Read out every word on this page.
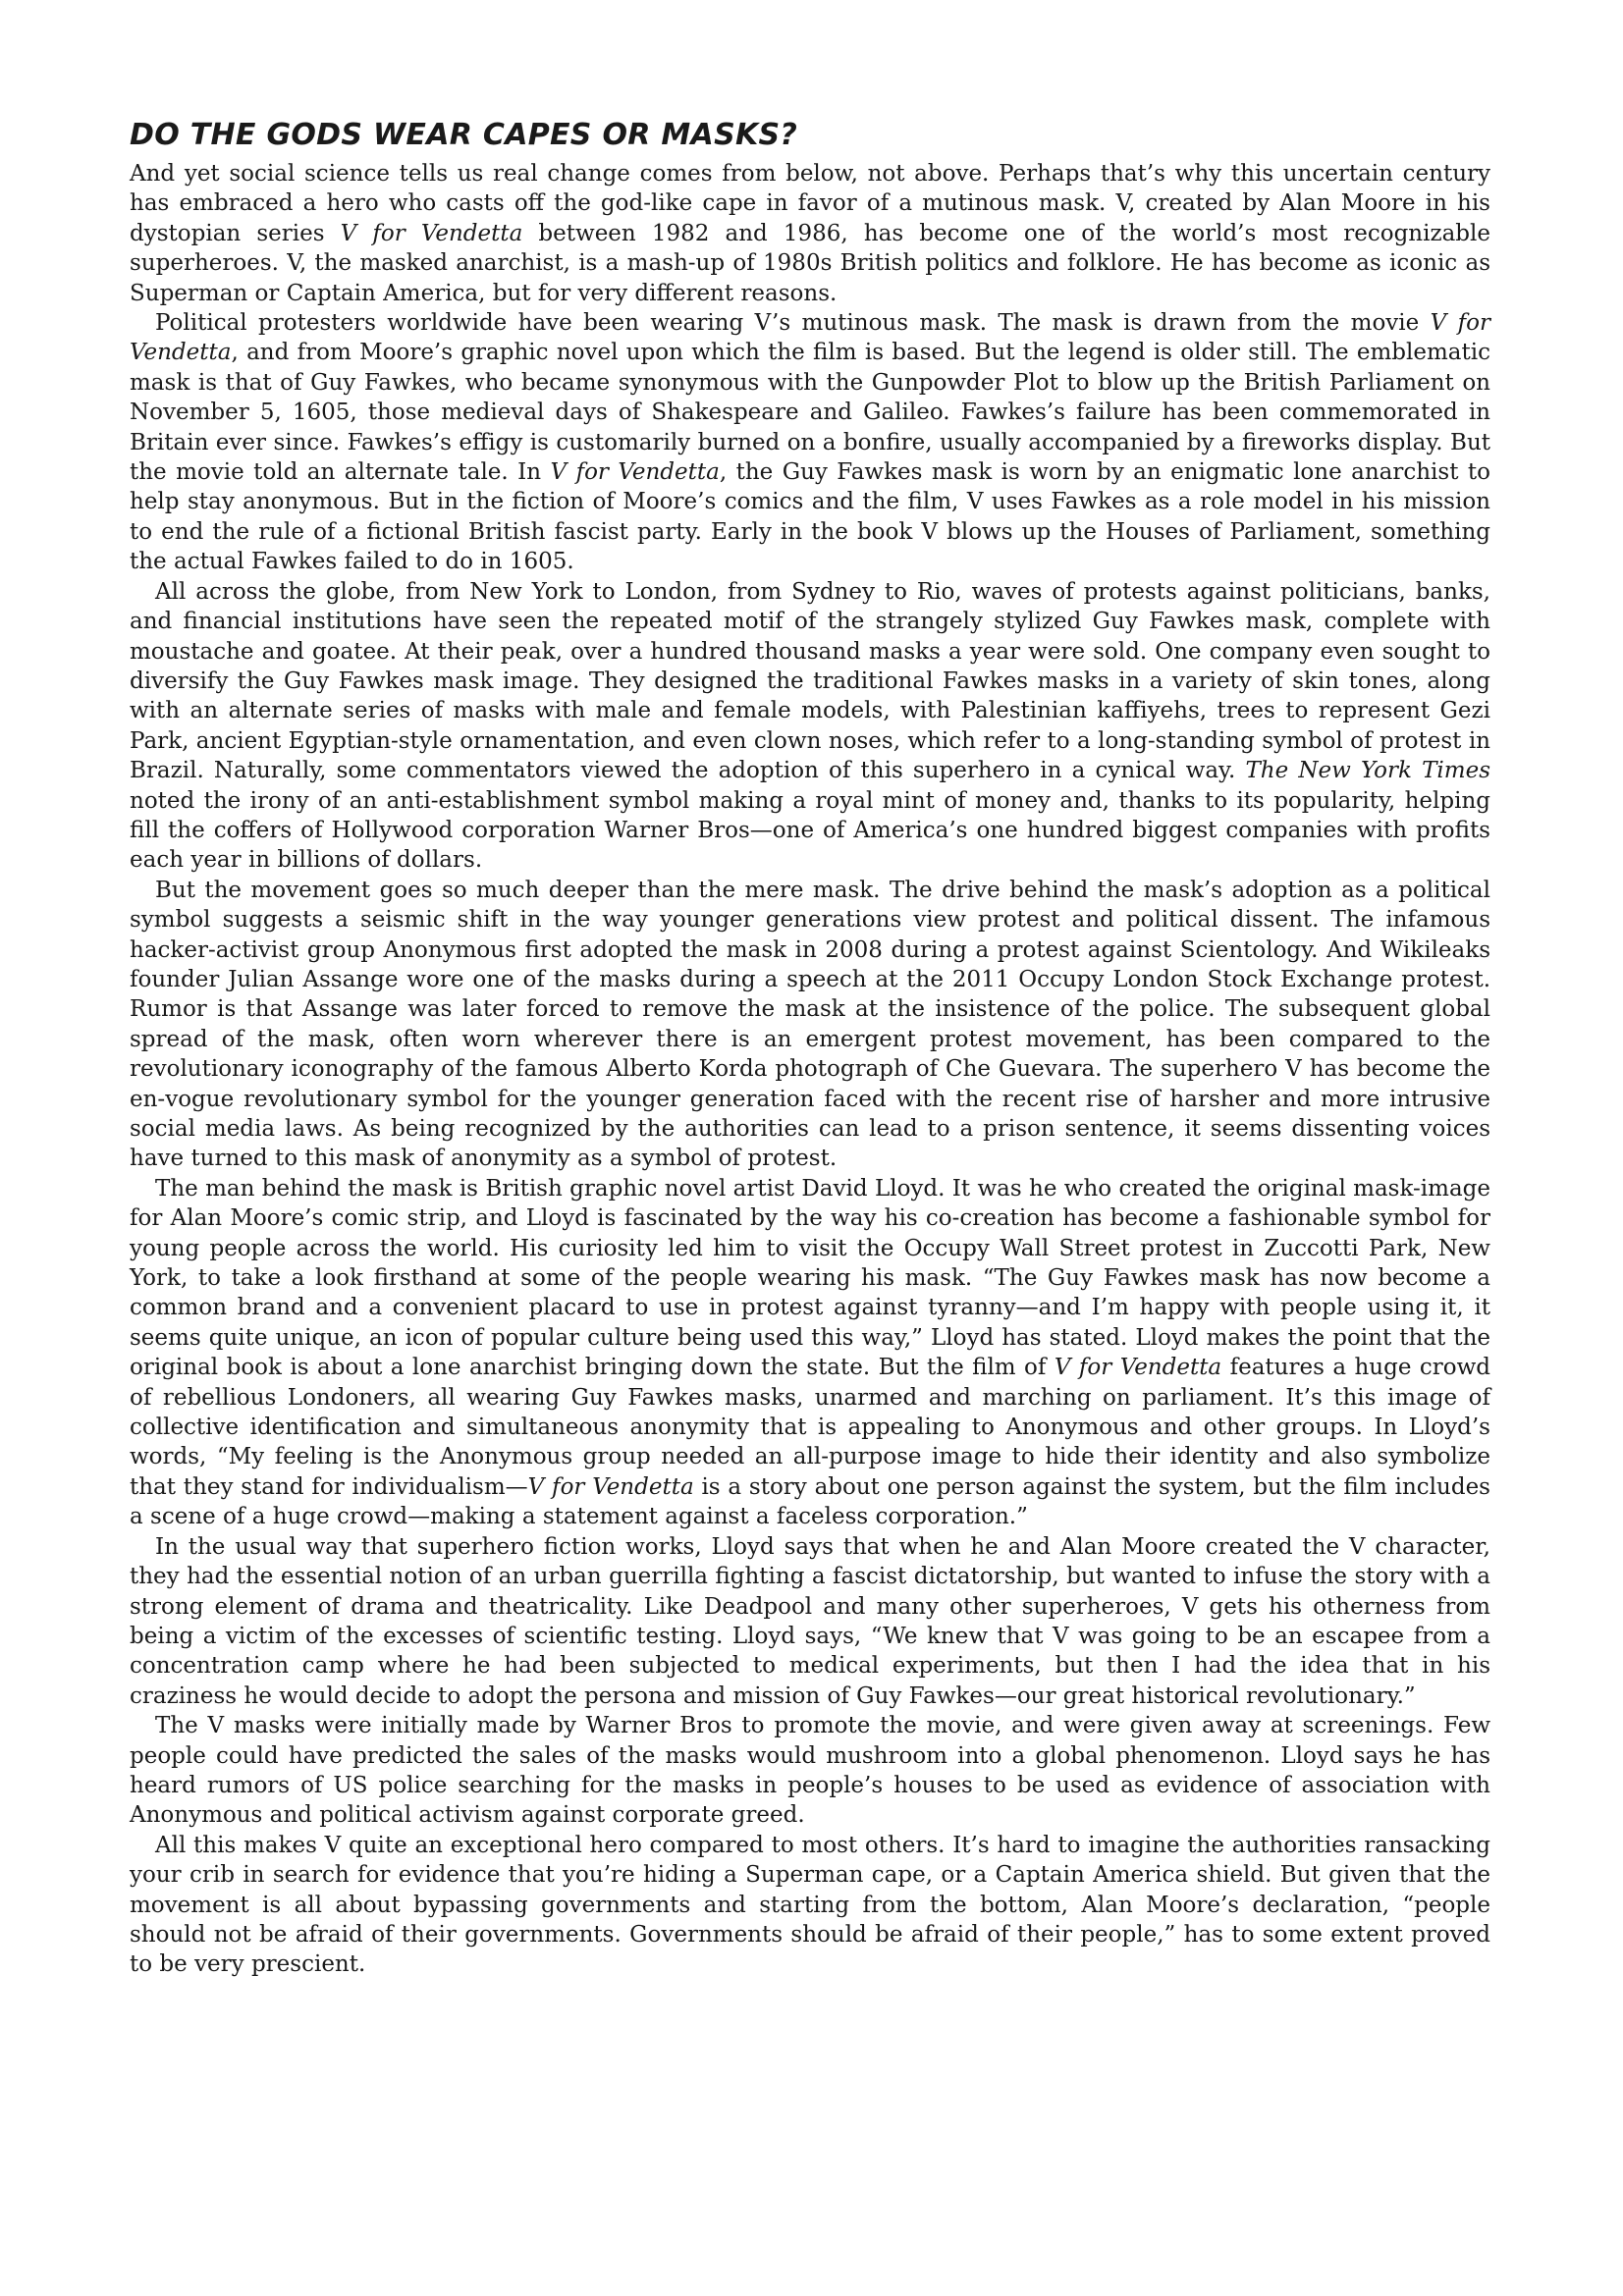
DO THE GODS WEAR CAPES OR MASKS?

And yet social science tells us real change comes from below, not above. Perhaps that’s why this uncertain century has embraced a hero who casts off the god-like cape in favor of a mutinous mask. V, created by Alan Moore in his dystopian series V for Vendetta between 1982 and 1986, has become one of the world’s most recognizable superheroes. V, the masked anarchist, is a mash-up of 1980s British politics and folklore. He has become as iconic as Superman or Captain America, but for very different reasons.

Political protesters worldwide have been wearing V’s mutinous mask. The mask is drawn from the movie V for Vendetta, and from Moore’s graphic novel upon which the film is based. But the legend is older still. The emblematic mask is that of Guy Fawkes, who became synonymous with the Gunpowder Plot to blow up the British Parliament on November 5, 1605, those medieval days of Shakespeare and Galileo. Fawkes’s failure has been commemorated in Britain ever since. Fawkes’s effigy is customarily burned on a bonfire, usually accompanied by a fireworks display. But the movie told an alternate tale. In V for Vendetta, the Guy Fawkes mask is worn by an enigmatic lone anarchist to help stay anonymous. But in the fiction of Moore’s comics and the film, V uses Fawkes as a role model in his mission to end the rule of a fictional British fascist party. Early in the book V blows up the Houses of Parliament, something the actual Fawkes failed to do in 1605.

All across the globe, from New York to London, from Sydney to Rio, waves of protests against politicians, banks, and financial institutions have seen the repeated motif of the strangely stylized Guy Fawkes mask, complete with moustache and goatee. At their peak, over a hundred thousand masks a year were sold. One company even sought to diversify the Guy Fawkes mask image. They designed the traditional Fawkes masks in a variety of skin tones, along with an alternate series of masks with male and female models, with Palestinian kaffiyehs, trees to represent Gezi Park, ancient Egyptian-style ornamentation, and even clown noses, which refer to a long-standing symbol of protest in Brazil. Naturally, some commentators viewed the adoption of this superhero in a cynical way. The New York Times noted the irony of an anti-establishment symbol making a royal mint of money and, thanks to its popularity, helping fill the coffers of Hollywood corporation Warner Bros—one of America’s one hundred biggest companies with profits each year in billions of dollars.

But the movement goes so much deeper than the mere mask. The drive behind the mask’s adoption as a political symbol suggests a seismic shift in the way younger generations view protest and political dissent. The infamous hacker-activist group Anonymous first adopted the mask in 2008 during a protest against Scientology. And Wikileaks founder Julian Assange wore one of the masks during a speech at the 2011 Occupy London Stock Exchange protest. Rumor is that Assange was later forced to remove the mask at the insistence of the police. The subsequent global spread of the mask, often worn wherever there is an emergent protest movement, has been compared to the revolutionary iconography of the famous Alberto Korda photograph of Che Guevara. The superhero V has become the en-vogue revolutionary symbol for the younger generation faced with the recent rise of harsher and more intrusive social media laws. As being recognized by the authorities can lead to a prison sentence, it seems dissenting voices have turned to this mask of anonymity as a symbol of protest.

The man behind the mask is British graphic novel artist David Lloyd. It was he who created the original mask-image for Alan Moore’s comic strip, and Lloyd is fascinated by the way his co-creation has become a fashionable symbol for young people across the world. His curiosity led him to visit the Occupy Wall Street protest in Zuccotti Park, New York, to take a look firsthand at some of the people wearing his mask. “The Guy Fawkes mask has now become a common brand and a convenient placard to use in protest against tyranny—and I’m happy with people using it, it seems quite unique, an icon of popular culture being used this way,” Lloyd has stated. Lloyd makes the point that the original book is about a lone anarchist bringing down the state. But the film of V for Vendetta features a huge crowd of rebellious Londoners, all wearing Guy Fawkes masks, unarmed and marching on parliament. It’s this image of collective identification and simultaneous anonymity that is appealing to Anonymous and other groups. In Lloyd’s words, “My feeling is the Anonymous group needed an all-purpose image to hide their identity and also symbolize that they stand for individualism—V for Vendetta is a story about one person against the system, but the film includes a scene of a huge crowd—making a statement against a faceless corporation.”

In the usual way that superhero fiction works, Lloyd says that when he and Alan Moore created the V character, they had the essential notion of an urban guerrilla fighting a fascist dictatorship, but wanted to infuse the story with a strong element of drama and theatricality. Like Deadpool and many other superheroes, V gets his otherness from being a victim of the excesses of scientific testing. Lloyd says, “We knew that V was going to be an escapee from a concentration camp where he had been subjected to medical experiments, but then I had the idea that in his craziness he would decide to adopt the persona and mission of Guy Fawkes—our great historical revolutionary.”

The V masks were initially made by Warner Bros to promote the movie, and were given away at screenings. Few people could have predicted the sales of the masks would mushroom into a global phenomenon. Lloyd says he has heard rumors of US police searching for the masks in people’s houses to be used as evidence of association with Anonymous and political activism against corporate greed.

All this makes V quite an exceptional hero compared to most others. It’s hard to imagine the authorities ransacking your crib in search for evidence that you’re hiding a Superman cape, or a Captain America shield. But given that the movement is all about bypassing governments and starting from the bottom, Alan Moore’s declaration, “people should not be afraid of their governments. Governments should be afraid of their people,” has to some extent proved to be very prescient.
